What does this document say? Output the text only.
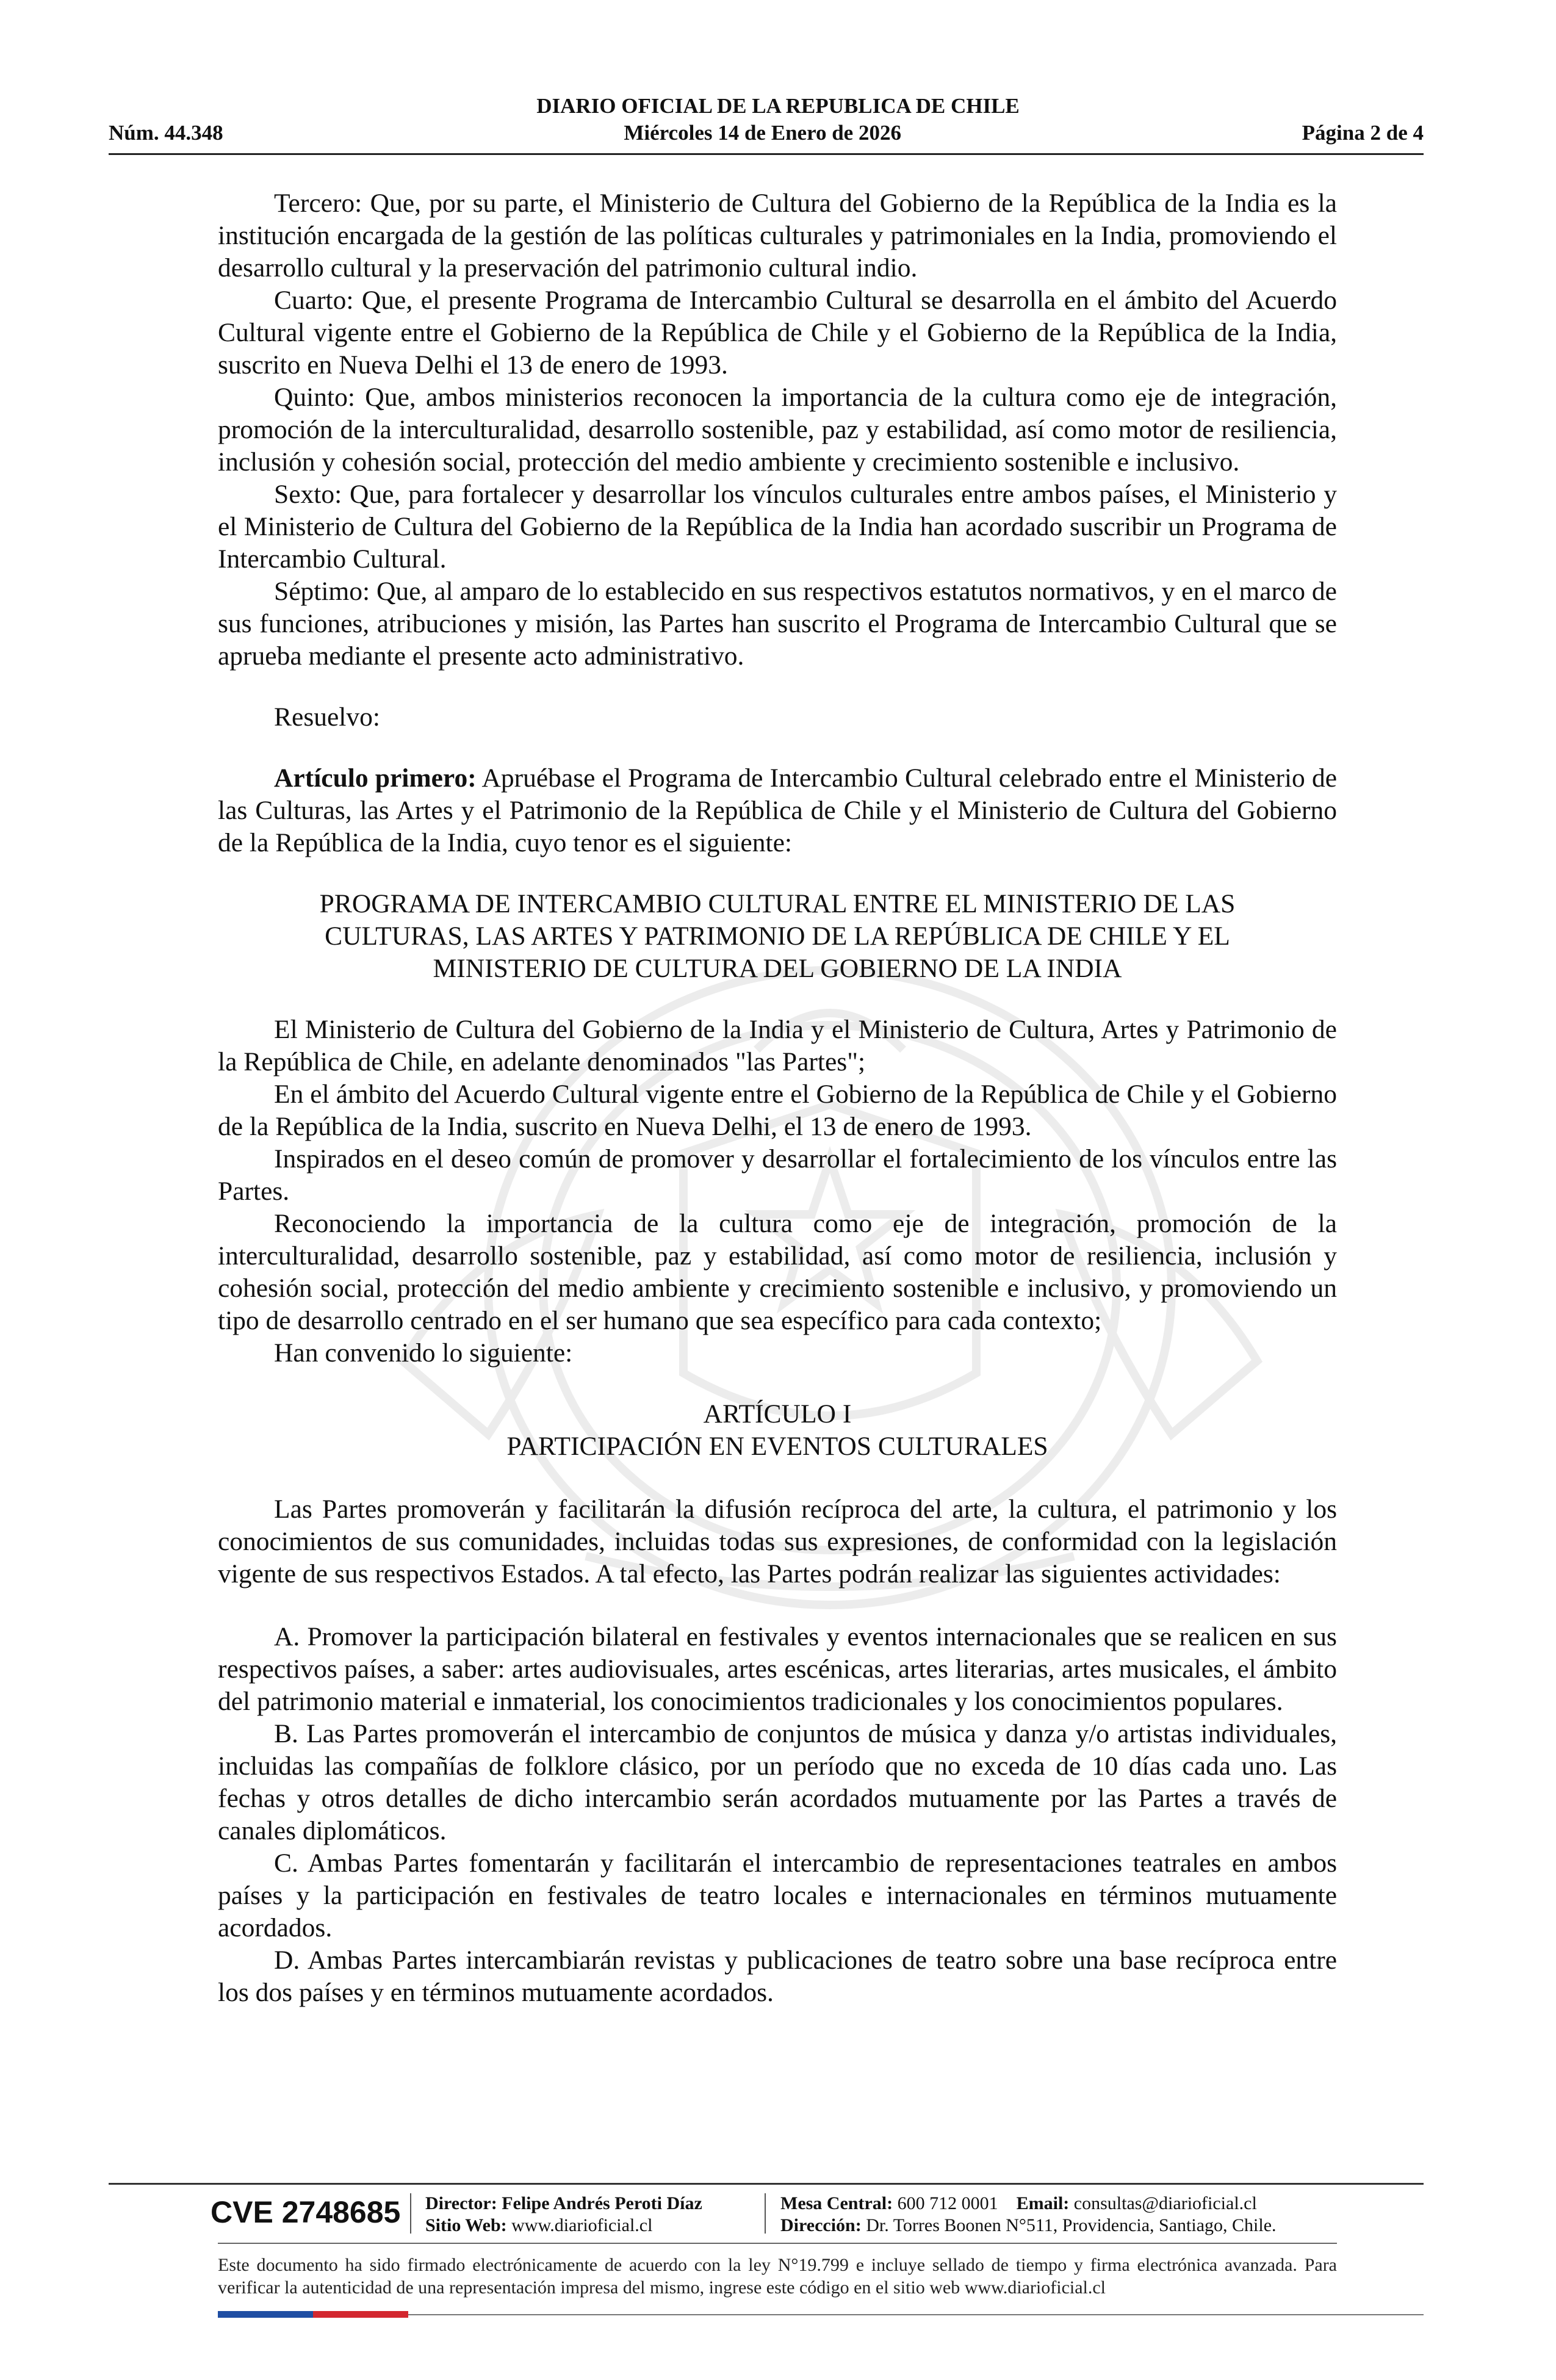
DIARIO OFICIAL DE LA REPUBLICA DE CHILE
Núm. 44.348	Miércoles 14 de Enero de 2026	Página 2 de 4

Tercero: Que, por su parte, el Ministerio de Cultura del Gobierno de la República de la India es la institución encargada de la gestión de las políticas culturales y patrimoniales en la India, promoviendo el desarrollo cultural y la preservación del patrimonio cultural indio.

Cuarto: Que, el presente Programa de Intercambio Cultural se desarrolla en el ámbito del Acuerdo Cultural vigente entre el Gobierno de la República de Chile y el Gobierno de la República de la India, suscrito en Nueva Delhi el 13 de enero de 1993.

Quinto: Que, ambos ministerios reconocen la importancia de la cultura como eje de integración, promoción de la interculturalidad, desarrollo sostenible, paz y estabilidad, así como motor de resiliencia, inclusión y cohesión social, protección del medio ambiente y crecimiento sostenible e inclusivo.

Sexto: Que, para fortalecer y desarrollar los vínculos culturales entre ambos países, el Ministerio y el Ministerio de Cultura del Gobierno de la República de la India han acordado suscribir un Programa de Intercambio Cultural.

Séptimo: Que, al amparo de lo establecido en sus respectivos estatutos normativos, y en el marco de sus funciones, atribuciones y misión, las Partes han suscrito el Programa de Intercambio Cultural que se aprueba mediante el presente acto administrativo.

Resuelvo:

Artículo primero: Apruébase el Programa de Intercambio Cultural celebrado entre el Ministerio de las Culturas, las Artes y el Patrimonio de la República de Chile y el Ministerio de Cultura del Gobierno de la República de la India, cuyo tenor es el siguiente:

PROGRAMA DE INTERCAMBIO CULTURAL ENTRE EL MINISTERIO DE LAS

CULTURAS, LAS ARTES Y PATRIMONIO DE LA REPÚBLICA DE CHILE Y EL

MINISTERIO DE CULTURA DEL GOBIERNO DE LA INDIA

El Ministerio de Cultura del Gobierno de la India y el Ministerio de Cultura, Artes y Patrimonio de la República de Chile, en adelante denominados "las Partes";

En el ámbito del Acuerdo Cultural vigente entre el Gobierno de la República de Chile y el Gobierno de la República de la India, suscrito en Nueva Delhi, el 13 de enero de 1993.

Inspirados en el deseo común de promover y desarrollar el fortalecimiento de los vínculos entre las Partes.

Reconociendo la importancia de la cultura como eje de integración, promoción de la interculturalidad, desarrollo sostenible, paz y estabilidad, así como motor de resiliencia, inclusión y cohesión social, protección del medio ambiente y crecimiento sostenible e inclusivo, y promoviendo un tipo de desarrollo centrado en el ser humano que sea específico para cada contexto;

Han convenido lo siguiente:

ARTÍCULO I

PARTICIPACIÓN EN EVENTOS CULTURALES

Las Partes promoverán y facilitarán la difusión recíproca del arte, la cultura, el patrimonio y los conocimientos de sus comunidades, incluidas todas sus expresiones, de conformidad con la legislación vigente de sus respectivos Estados. A tal efecto, las Partes podrán realizar las siguientes actividades:

A. Promover la participación bilateral en festivales y eventos internacionales que se realicen en sus respectivos países, a saber: artes audiovisuales, artes escénicas, artes literarias, artes musicales, el ámbito del patrimonio material e inmaterial, los conocimientos tradicionales y los conocimientos populares.

B. Las Partes promoverán el intercambio de conjuntos de música y danza y/o artistas individuales, incluidas las compañías de folklore clásico, por un período que no exceda de 10 días cada uno. Las fechas y otros detalles de dicho intercambio serán acordados mutuamente por las Partes a través de canales diplomáticos.

C. Ambas Partes fomentarán y facilitarán el intercambio de representaciones teatrales en ambos países y la participación en festivales de teatro locales e internacionales en términos mutuamente acordados.

D. Ambas Partes intercambiarán revistas y publicaciones de teatro sobre una base recíproca entre los dos países y en términos mutuamente acordados.

CVE 2748685 Director: Felipe Andrés Peroti Díaz
Sitio Web: www.diarioficial.cl
Mesa Central: 600 712 0001 Email: consultas@diarioficial.cl
Dirección: Dr. Torres Boonen N°511, Providencia, Santiago, Chile.
Este documento ha sido firmado electrónicamente de acuerdo con la ley N°19.799 e incluye sellado de tiempo y firma electrónica avanzada. Para verificar la autenticidad de una representación impresa del mismo, ingrese este código en el sitio web www.diarioficial.cl
